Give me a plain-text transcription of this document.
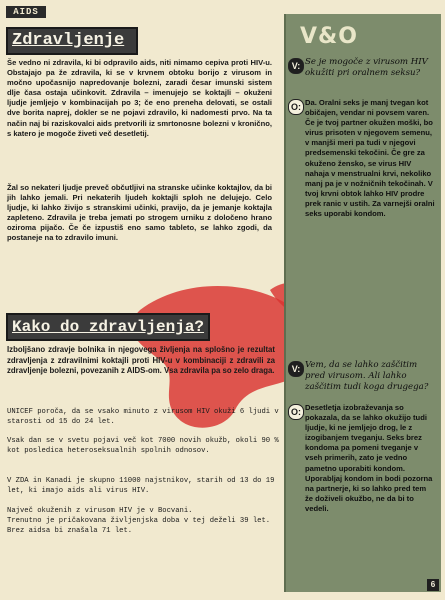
AIDS
Zdravljenje

Še vedno ni zdravila, ki bi odpravilo aids, niti nimamo cepiva proti HIV-u. Obstajajo pa že zdravila, ki se v krvnem obtoku borijo z virusom in močno upočasnijo napredovanje bolezni, zaradi česar imunski sistem dlje časa ostaja učinkovit. Zdravila – imenujejo se koktajli – okuženi ljudje jemljejo v kombinacijah po 3; če eno preneha delovati, se ostali dve borita naprej, dokler se ne pojavi zdravilo, ki nadomesti prvo. Na ta način naj bi raziskovalci aids pretvorili iz smrtonosne bolezni v kronično, s katero je mogoče živeti več desetletij.

Žal so nekateri ljudje preveč občutljivi na stranske učinke koktajlov, da bi jih lahko jemali. Pri nekaterih ljudeh koktajli sploh ne delujejo. Celo ljudje, ki lahko živijo s stranskimi učinki, pravijo, da je jemanje koktajla zapleteno. Zdravila je treba jemati po strogem urniku z določeno hrano oziroma pijačo. Če če izpustiš eno samo tableto, se lahko zgodi, da postaneje na to zdravilo imuni.

Kako do zdravljenja?

Izboljšano zdravje bolnika in njegovega življenja na splošno je rezultat zdravljenja z zdravilnimi koktajli proti HIV-u v kombinaciji z zdravili za zdravljenje bolezni, povezanih z AIDS-om. Vsa zdravila pa so zelo draga.

UNICEF poroča, da se vsako minuto z virusom HIV okuži 6 ljudi v starosti od 15 do 24 let.

Vsak dan se v svetu pojavi več kot 7000 novih okužb, okoli 90 % kot posledica heteroseksualnih spolnih odnosov.

V ZDA in Kanadi je skupno 11000 najstnikov, starih od 13 do 19 let, ki imajo aids ali virus HIV.

Največ okuženih z virusom HIV je v Bocvani.

Trenutno je pričakovana življenjska doba v tej deželi 39 let. Brez aidsa bi znašala 71 let.

V&O
V: Se je mogoče z virusom HIV okužiti pri oralnem seksu?
O: Da. Oralni seks je manj tvegan kot običajen, vendar ni povsem varen. Če je tvoj partner okužen moški, bo virus prisoten v njegovem semenu, v manjši meri pa tudi v njegovi predsemenski tekočini. Če gre za okuženo žensko, se virus HIV nahaja v menstrualni krvi, nekoliko manj pa je v nožničnih tekočinah. V tvoj krvni obtok lahko HIV prodre prek ranic v ustih. Za varnejši oralni seks uporabi kondom.

V: Vem, da se lahko zaščitim pred virusom. Ali lahko zaščitim tudi koga drugega?
O: Desetletja izobraževanja so pokazala, da se lahko okužijo tudi ljudje, ki ne jemljejo drog, le z izogibanjem tveganju. Seks brez kondoma pa pomeni tveganje v vseh primerih, zato je vedno pametno uporabiti kondom. Uporabljaj kondom in bodi pozorna na partnerje, ki so lahko pred tem že doživeli okužbo, ne da bi to vedeli.

6
